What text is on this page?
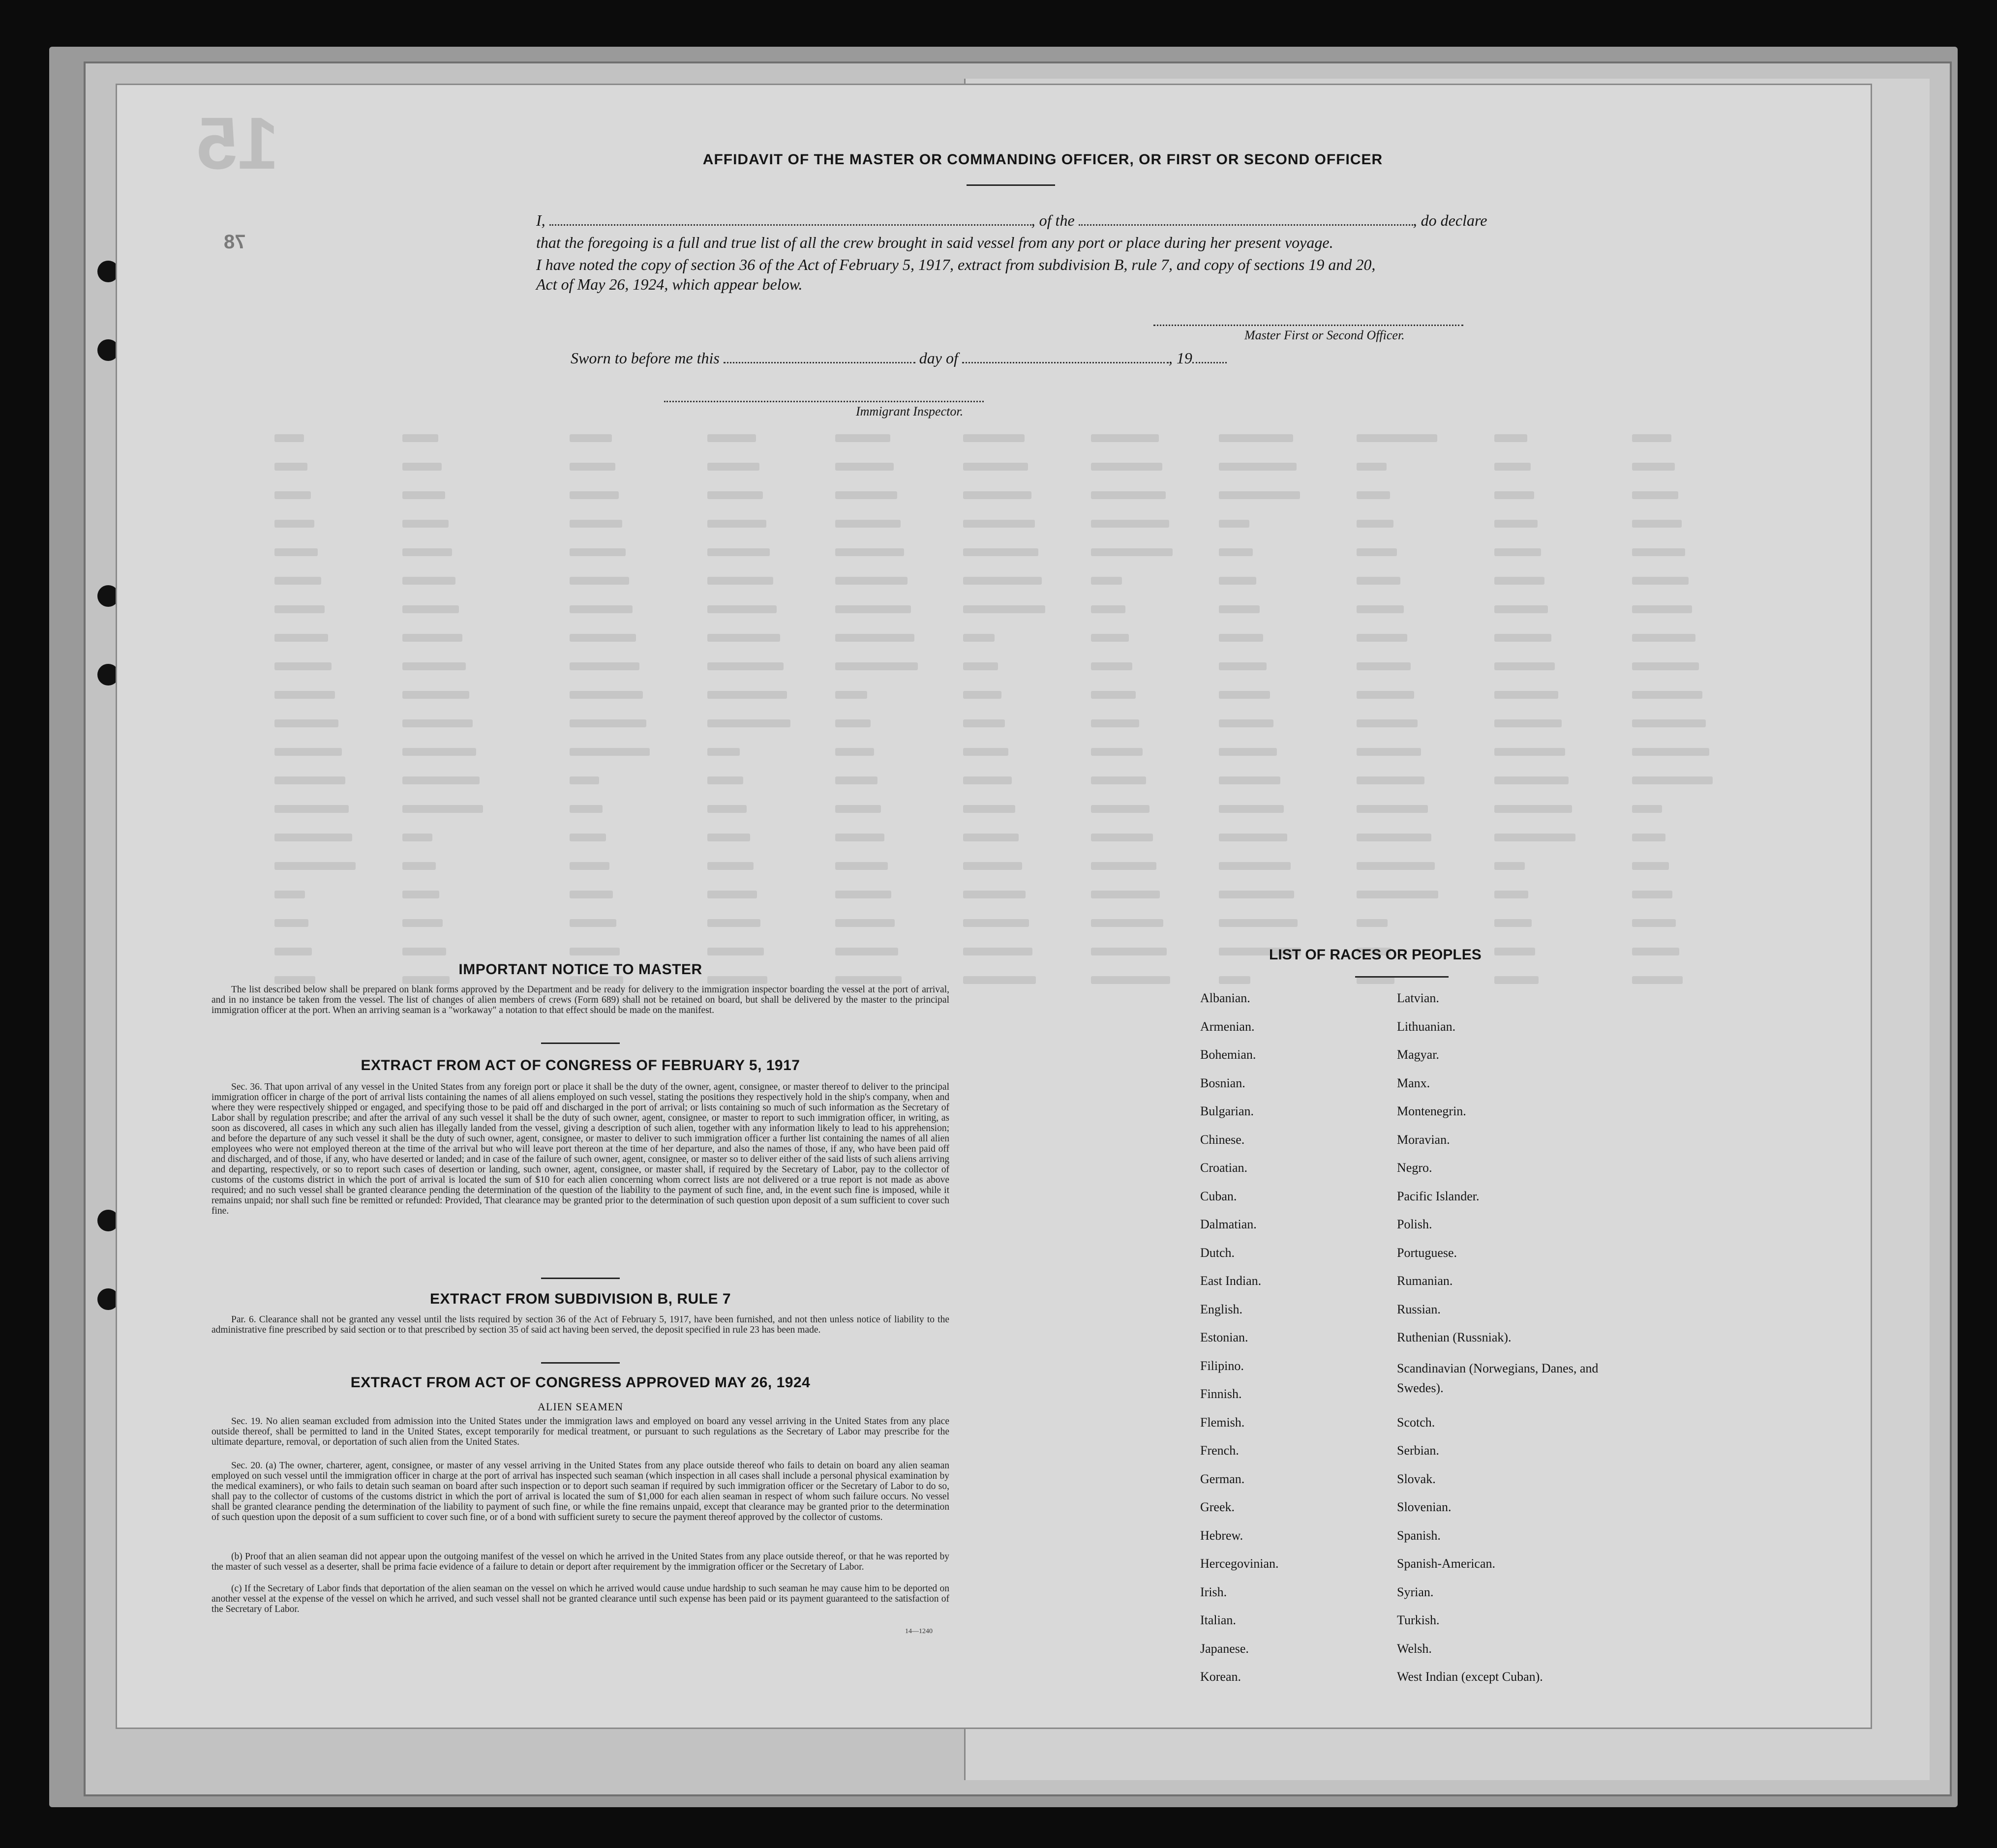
15
78
AFFIDAVIT OF THE MASTER OR COMMANDING OFFICER, OR FIRST OR SECOND OFFICER
I,	, of the	, do declare
that the foregoing is a full and true list of all the crew brought in said vessel from any port or place during her present voyage.
I have noted the copy of section 36 of the Act of February 5, 1917, extract from subdivision B, rule 7, and copy of sections 19 and 20,
Act of May 26, 1924, which appear below.
Master First or Second Officer.
Sworn to before me this	day of	, 19
Immigrant Inspector.
IMPORTANT NOTICE TO MASTER
The list described below shall be prepared on blank forms approved by the Department and be ready for delivery to the immigration inspector boarding the vessel at the port of arrival, and in no instance be taken from the vessel. The list of changes of alien members of crews (Form 689) shall not be retained on board, but shall be delivered by the master to the principal immigration officer at the port. When an arriving seaman is a "workaway" a notation to that effect should be made on the manifest.
EXTRACT FROM ACT OF CONGRESS OF FEBRUARY 5, 1917
Sec. 36. That upon arrival of any vessel in the United States from any foreign port or place it shall be the duty of the owner, agent, consignee, or master thereof to deliver to the principal immigration officer in charge of the port of arrival lists containing the names of all aliens employed on such vessel, stating the positions they respectively hold in the ship's company, when and where they were respectively shipped or engaged, and specifying those to be paid off and discharged in the port of arrival; or lists containing so much of such information as the Secretary of Labor shall by regulation prescribe; and after the arrival of any such vessel it shall be the duty of such owner, agent, consignee, or master to report to such immigration officer, in writing, as soon as discovered, all cases in which any such alien has illegally landed from the vessel, giving a description of such alien, together with any information likely to lead to his apprehension; and before the departure of any such vessel it shall be the duty of such owner, agent, consignee, or master to deliver to such immigration officer a further list containing the names of all alien employees who were not employed thereon at the time of the arrival but who will leave port thereon at the time of her departure, and also the names of those, if any, who have been paid off and discharged, and of those, if any, who have deserted or landed; and in case of the failure of such owner, agent, consignee, or master so to deliver either of the said lists of such aliens arriving and departing, respectively, or so to report such cases of desertion or landing, such owner, agent, consignee, or master shall, if required by the Secretary of Labor, pay to the collector of customs of the customs district in which the port of arrival is located the sum of $10 for each alien concerning whom correct lists are not delivered or a true report is not made as above required; and no such vessel shall be granted clearance pending the determination of the question of the liability to the payment of such fine, and, in the event such fine is imposed, while it remains unpaid; nor shall such fine be remitted or refunded: Provided, That clearance may be granted prior to the determination of such question upon deposit of a sum sufficient to cover such fine.
EXTRACT FROM SUBDIVISION B, RULE 7
Par. 6. Clearance shall not be granted any vessel until the lists required by section 36 of the Act of February 5, 1917, have been furnished, and not then unless notice of liability to the administrative fine prescribed by said section or to that prescribed by section 35 of said act having been served, the deposit specified in rule 23 has been made.
EXTRACT FROM ACT OF CONGRESS APPROVED MAY 26, 1924
ALIEN SEAMEN
Sec. 19. No alien seaman excluded from admission into the United States under the immigration laws and employed on board any vessel arriving in the United States from any place outside thereof, shall be permitted to land in the United States, except temporarily for medical treatment, or pursuant to such regulations as the Secretary of Labor may prescribe for the ultimate departure, removal, or deportation of such alien from the United States.
Sec. 20. (a) The owner, charterer, agent, consignee, or master of any vessel arriving in the United States from any place outside thereof who fails to detain on board any alien seaman employed on such vessel until the immigration officer in charge at the port of arrival has inspected such seaman (which inspection in all cases shall include a personal physical examination by the medical examiners), or who fails to detain such seaman on board after such inspection or to deport such seaman if required by such immigration officer or the Secretary of Labor to do so, shall pay to the collector of customs of the customs district in which the port of arrival is located the sum of $1,000 for each alien seaman in respect of whom such failure occurs. No vessel shall be granted clearance pending the determination of the liability to payment of such fine, or while the fine remains unpaid, except that clearance may be granted prior to the determination of such question upon the deposit of a sum sufficient to cover such fine, or of a bond with sufficient surety to secure the payment thereof approved by the collector of customs.
(b) Proof that an alien seaman did not appear upon the outgoing manifest of the vessel on which he arrived in the United States from any place outside thereof, or that he was reported by the master of such vessel as a deserter, shall be prima facie evidence of a failure to detain or deport after requirement by the immigration officer or the Secretary of Labor.
(c) If the Secretary of Labor finds that deportation of the alien seaman on the vessel on which he arrived would cause undue hardship to such seaman he may cause him to be deported on another vessel at the expense of the vessel on which he arrived, and such vessel shall not be granted clearance until such expense has been paid or its payment guaranteed to the satisfaction of the Secretary of Labor.
14—1240
LIST OF RACES OR PEOPLES
Albanian.
Armenian.
Bohemian.
Bosnian.
Bulgarian.
Chinese.
Croatian.
Cuban.
Dalmatian.
Dutch.
East Indian.
English.
Estonian.
Filipino.
Finnish.
Flemish.
French.
German.
Greek.
Hebrew.
Hercegovinian.
Irish.
Italian.
Japanese.
Korean.
Latvian.
Lithuanian.
Magyar.
Manx.
Montenegrin.
Moravian.
Negro.
Pacific Islander.
Polish.
Portuguese.
Rumanian.
Russian.
Ruthenian (Russniak).
Scandinavian (Norwegians, Danes, and Swedes).
Scotch.
Serbian.
Slovak.
Slovenian.
Spanish.
Spanish-American.
Syrian.
Turkish.
Welsh.
West Indian (except Cuban).
